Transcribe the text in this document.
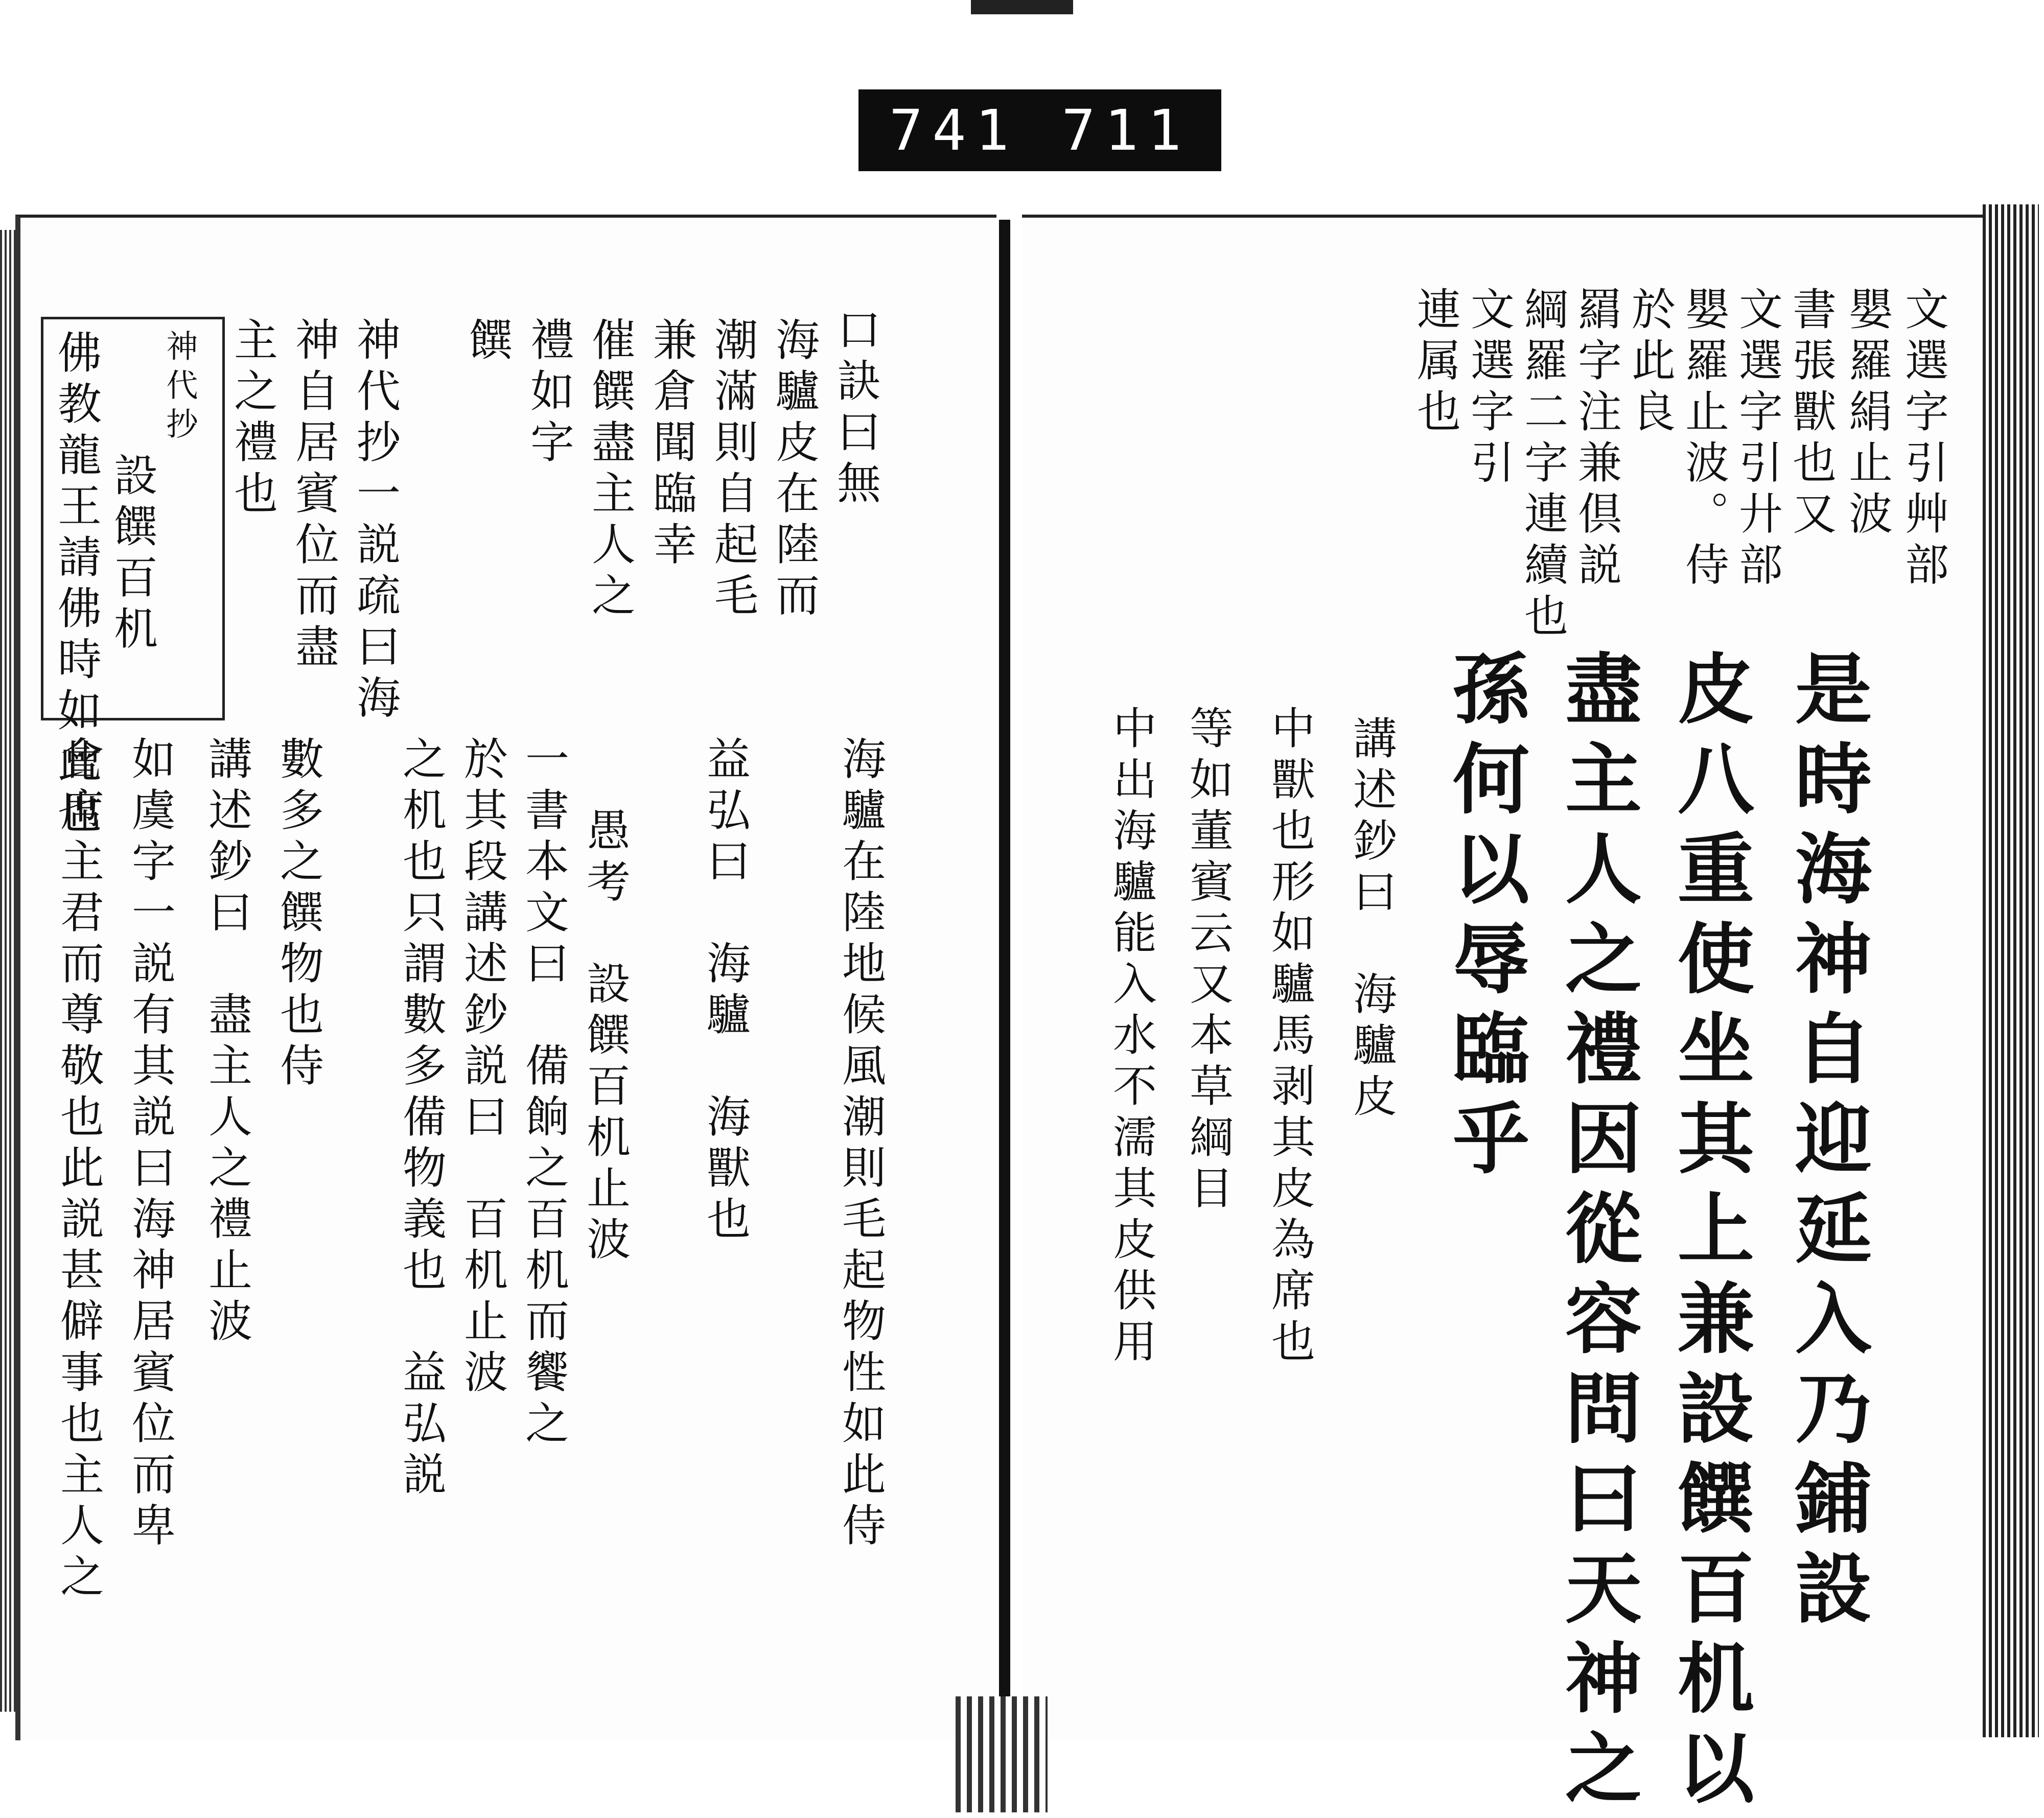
741 711
文選字引艸部
嬰羅絹止波
書張獸也又
文選字引廾部
嬰羅止波。侍
於此良
羂字注兼倶説
綱羅二字連續也
文選字引
連属也
是時海神自迎延入乃鋪設
皮八重使坐其上兼設饌百机以
盡主人之禮因從容問曰天神之
孫何以辱臨乎
講述鈔曰　海驢皮
中獸也形如驢馬剥其皮為席也
等如董賓云又本草綱目
中出海驢能入水不濡其皮供用
口訣曰無
海驢皮在陸而
潮滿則自起毛
兼倉聞臨幸
催饌盡主人之
禮如字
饌
神代抄一説疏曰海
神自居賓位而盡
主之禮也
神代抄
設饌百机
佛教龍王請佛時如此也
海驢在陸地候風潮則毛起物性如此侍
益弘曰　海驢　海獸也
愚考　設饌百机止波
一書本文曰　備餉之百机而饗之
於其段講述鈔説曰　百机止波
之机也只謂數多備物義也　益弘説
數多之饌物也侍
講述鈔曰　盡主人之禮止波
如虞字一説有其説曰海神居賓位而卑
會席主君而尊敬也此説甚僻事也主人之
